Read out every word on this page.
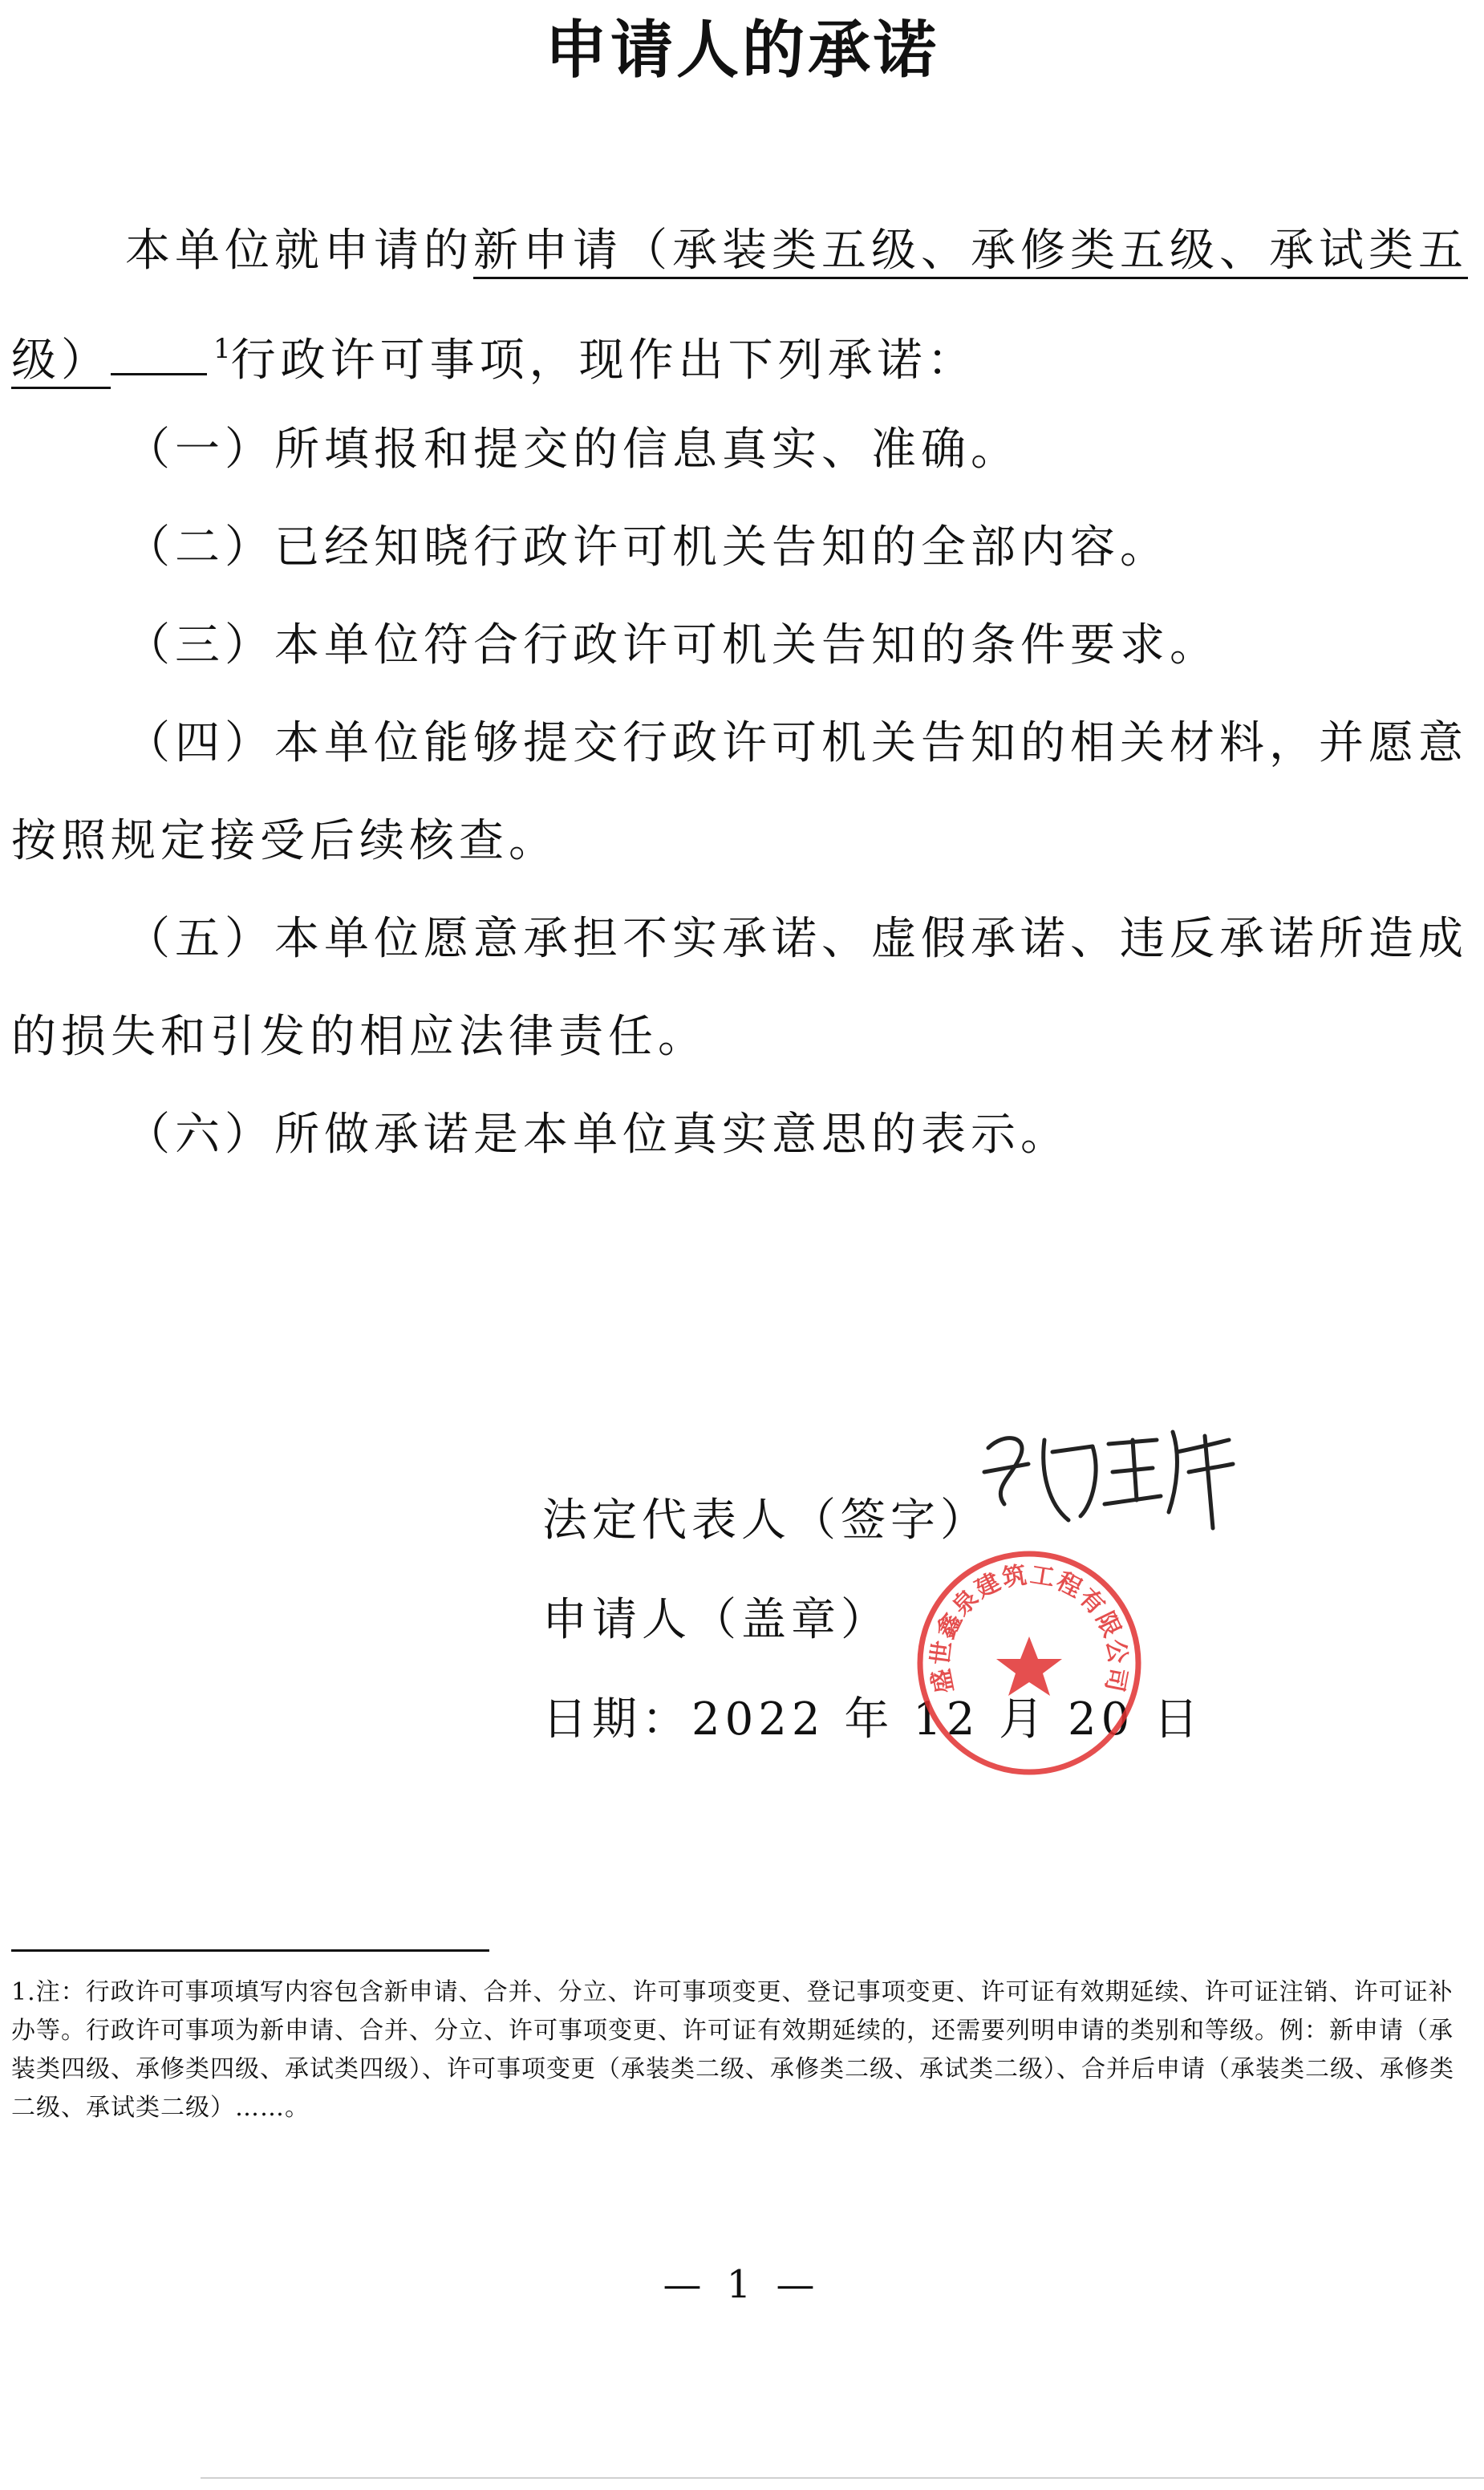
申请人的承诺

本单位就申请的新申请（承装类五级、承修类五级、承试类五级）	$^1$行政许可事项，现作出下列承诺：

（一）所填报和提交的信息真实、准确。

（二）已经知晓行政许可机关告知的全部内容。

（三）本单位符合行政许可机关告知的条件要求。

（四）本单位能够提交行政许可机关告知的相关材料，并愿意按照规定接受后续核查。

（五）本单位愿意承担不实承诺、虚假承诺、违反承诺所造成的损失和引发的相应法律责任。

（六）所做承诺是本单位真实意思的表示。

法定代表人（签字）
申请人（盖章）
日期：2022 年 12 月 20 日
盛世鑫泉建筑工程有限公司

1.注：行政许可事项填写内容包含新申请、合并、分立、许可事项变更、登记事项变更、许可证有效期延续、许可证注销、许可证补办等。行政许可事项为新申请、合并、分立、许可事项变更、许可证有效期延续的，还需要列明申请的类别和等级。例：新申请（承装类四级、承修类四级、承试类四级）、许可事项变更（承装类二级、承修类二级、承试类二级）、合并后申请（承装类二级、承修类二级、承试类二级）……。

— 1 —
